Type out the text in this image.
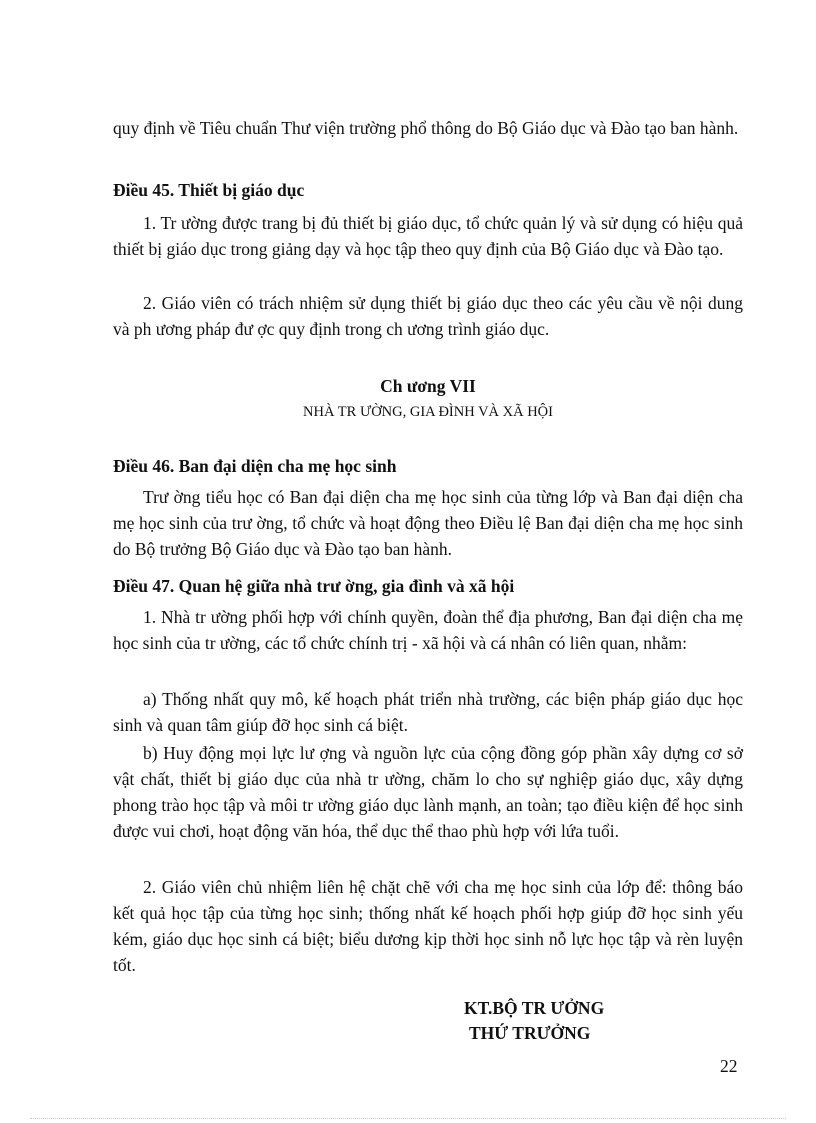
quy định về Tiêu chuẩn Thư viện trường phổ thông do Bộ Giáo dục và Đào tạo ban hành.

Điều 45. Thiết bị giáo dục

1. Tr ường được trang bị đủ thiết bị giáo dục, tổ chức quản lý và sử dụng có hiệu quả thiết bị giáo dục trong giảng dạy và học tập theo quy định của Bộ Giáo dục và Đào tạo.

2. Giáo viên có trách nhiệm sử dụng thiết bị giáo dục theo các yêu cầu về nội dung và ph ương pháp đư ợc quy định trong ch ương trình giáo dục.

Ch ương VII

NHÀ TR ƯỜNG, GIA ĐÌNH VÀ XÃ HỘI

Điều 46. Ban đại diện cha mẹ học sinh

Trư ờng tiểu học có Ban đại diện cha mẹ học sinh của từng lớp và Ban đại diện cha mẹ học sinh của trư ờng, tổ chức và hoạt động theo Điều lệ Ban đại diện cha mẹ học sinh do Bộ trưởng Bộ Giáo dục và Đào tạo ban hành.

Điều 47. Quan hệ giữa nhà trư ờng, gia đình và xã hội

1. Nhà tr ường phối hợp với chính quyền, đoàn thể địa phương, Ban đại diện cha mẹ học sinh của tr ường, các tổ chức chính trị - xã hội và cá nhân có liên quan, nhằm:

a) Thống nhất quy mô, kế hoạch phát triển nhà trường, các biện pháp giáo dục học sinh và quan tâm giúp đỡ học sinh cá biệt.

b) Huy động mọi lực lư ợng và nguồn lực của cộng đồng góp phần xây dựng cơ sở vật chất, thiết bị giáo dục của nhà tr ường, chăm lo cho sự nghiệp giáo dục, xây dựng phong trào học tập và môi tr ường giáo dục lành mạnh, an toàn; tạo điều kiện để học sinh được vui chơi, hoạt động văn hóa, thể dục thể thao phù hợp với lứa tuổi.

2. Giáo viên chủ nhiệm liên hệ chặt chẽ với cha mẹ học sinh của lớp để: thông báo kết quả học tập của từng học sinh; thống nhất kế hoạch phối hợp giúp đỡ học sinh yếu kém, giáo dục học sinh cá biệt; biểu dương kịp thời học sinh nỗ lực học tập và rèn luyện tốt.

KT.BỘ TR ƯỞNG

THỨ TRƯỞNG

22
